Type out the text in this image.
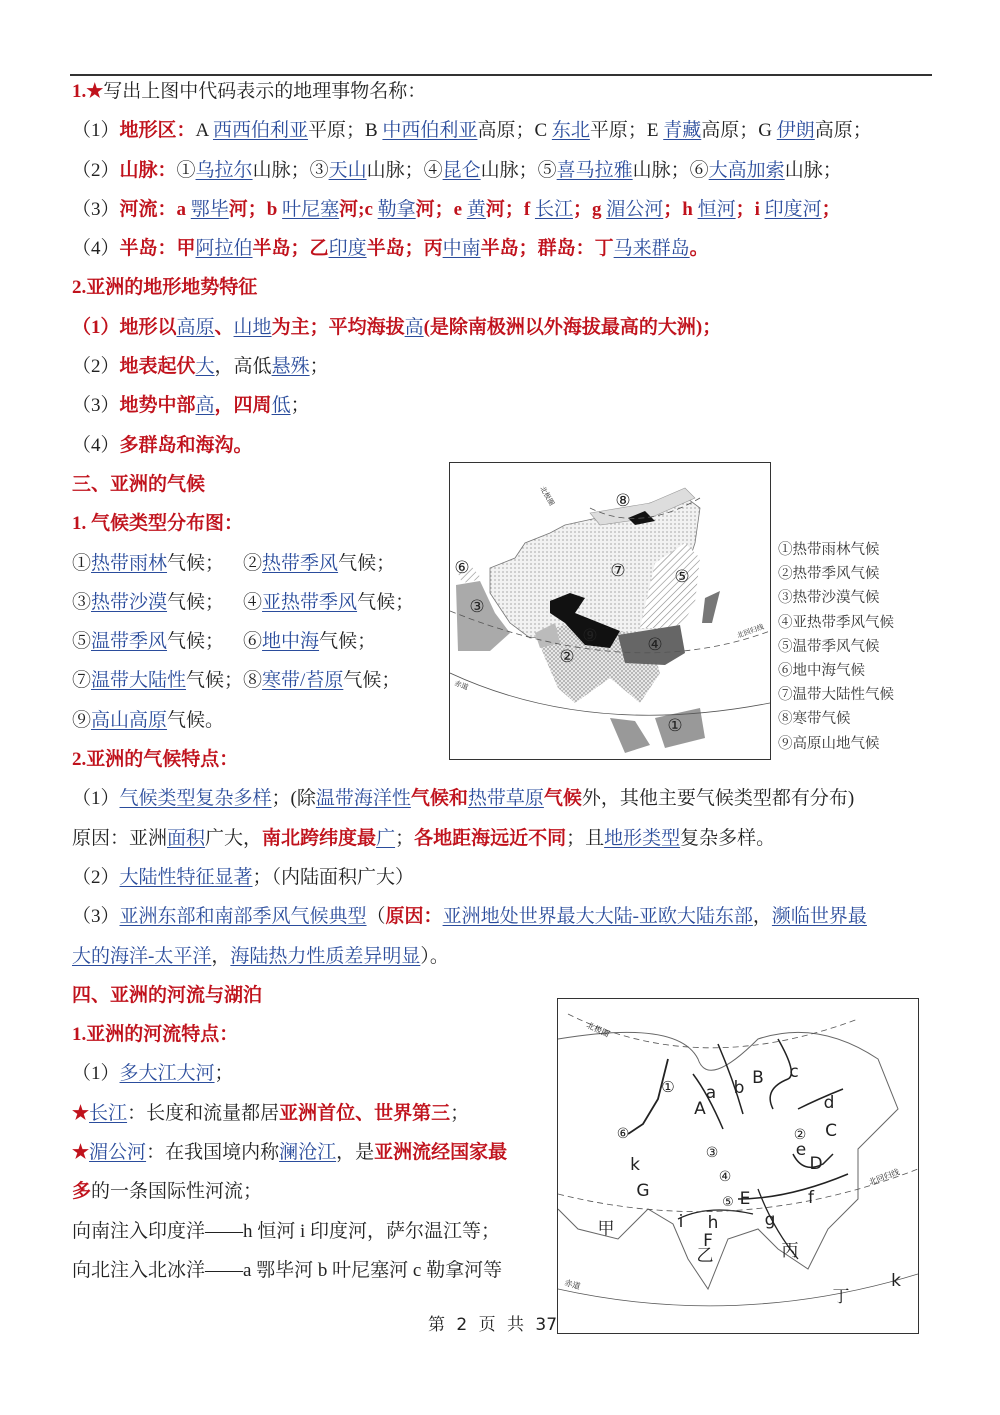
1.★写出上图中代码表示的地理事物名称：
（1）地形区：A 西西伯利亚平原；B 中西伯利亚高原；C 东北平原；E 青藏高原；G 伊朗高原；
（2）山脉：①乌拉尔山脉；③天山山脉；④昆仑山脉；⑤喜马拉雅山脉；⑥大高加索山脉；
（3）河流：a 鄂毕河；b 叶尼塞河;c 勒拿河；e 黄河；f 长江；g 湄公河；h 恒河；i 印度河；
（4）半岛：甲阿拉伯半岛；乙印度半岛；丙中南半岛；群岛：丁马来群岛。
2.亚洲的地形地势特征
（1）地形以高原、山地为主；平均海拔高(是除南极洲以外海拔最高的大洲)；
（2）地表起伏大，高低悬殊；
（3）地势中部高，四周低；
（4）多群岛和海沟。
三、亚洲的气候
1. 气候类型分布图：
①热带雨林气候；    ②热带季风气候；
③热带沙漠气候；    ④亚热带季风气候；
⑤温带季风气候；    ⑥地中海气候；
⑦温带大陆性气候；⑧寒带/苔原气候；
⑨高山高原气候。
2.亚洲的气候特点：
（1）气候类型复杂多样；(除温带海洋性气候和热带草原气候外，其他主要气候类型都有分布)
原因：亚洲面积广大，南北跨纬度最广；各地距海远近不同；且地形类型复杂多样。
（2）大陆性特征显著；（内陆面积广大）
（3）亚洲东部和南部季风气候典型（原因：亚洲地处世界最大大陆-亚欧大陆东部，濒临世界最
大的海洋-太平洋，海陆热力性质差异明显）。
四、亚洲的河流与湖泊
1.亚洲的河流特点：
（1）多大江大河；
★长江：长度和流量都居亚洲首位、世界第三；
★湄公河：在我国境内称澜沧江，是亚洲流经国家最
多的一条国际性河流；
向南注入印度洋——h 恒河 i 印度河，萨尔温江等；
向北注入北冰洋——a 鄂毕河 b 叶尼塞河 c 勒拿河等
北极圈
北回归线
赤道
①
②
③
④
⑤
⑥	⑦
⑧
⑨
①热带雨林气候
②热带季风气候
③热带沙漠气候
④亚热带季风气候
⑤温带季风气候
⑥地中海气候
⑦温带大陆性气候
⑧寒带气候
⑨高原山地气候
北极圈
北回归线
赤道
① a b B
A
c
d
C
②
e
D
③
④
⑤ E
G
⑥
k
甲	i h
F
乙
g
f
丙
丁
k
第 2 页 共 37
